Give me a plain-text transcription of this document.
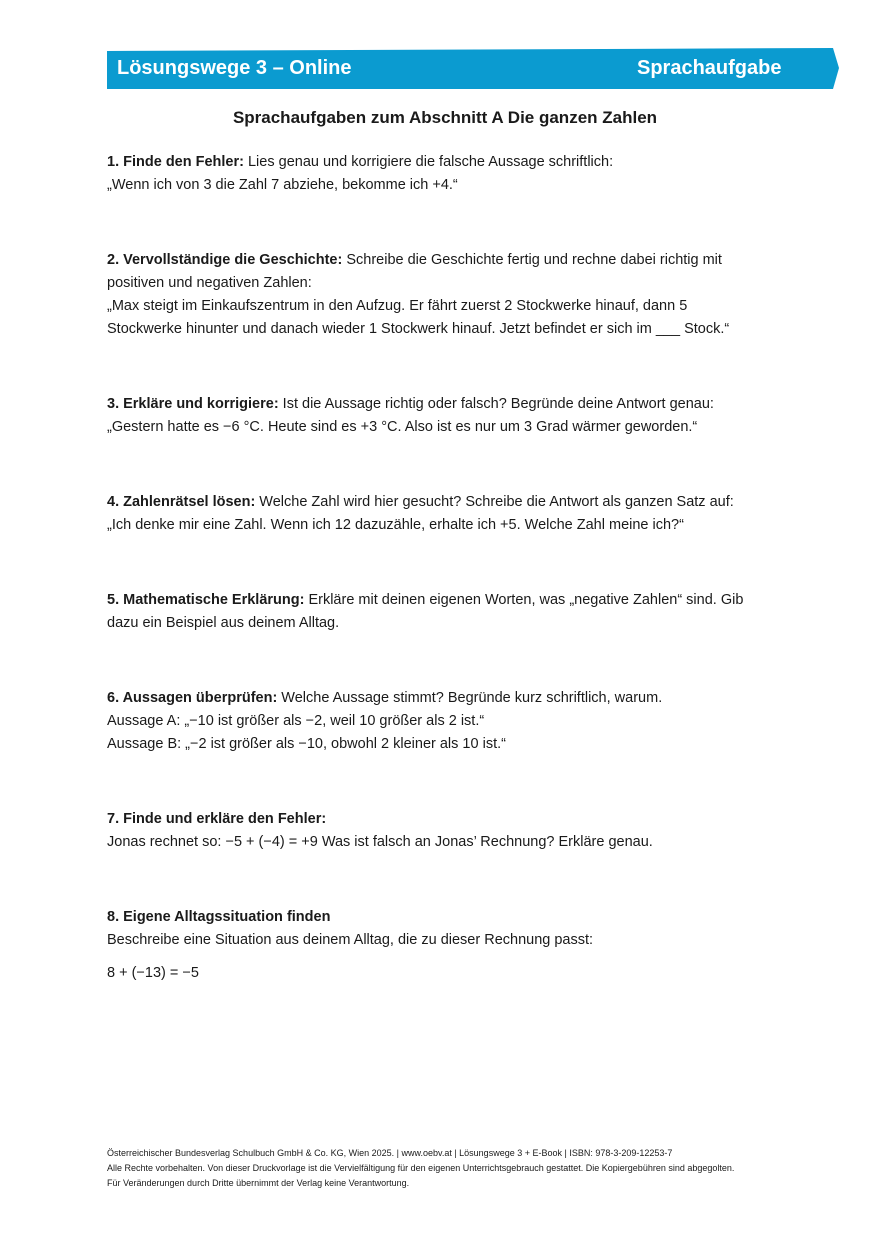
Lösungswege 3 – Online	Sprachaufgabe
Sprachaufgaben zum Abschnitt A Die ganzen Zahlen
1. Finde den Fehler: Lies genau und korrigiere die falsche Aussage schriftlich:
„Wenn ich von 3 die Zahl 7 abziehe, bekomme ich +4.“
2. Vervollständige die Geschichte: Schreibe die Geschichte fertig und rechne dabei richtig mit
positiven und negativen Zahlen:
„Max steigt im Einkaufszentrum in den Aufzug. Er fährt zuerst 2 Stockwerke hinauf, dann 5
Stockwerke hinunter und danach wieder 1 Stockwerk hinauf. Jetzt befindet er sich im ___ Stock.“
3. Erkläre und korrigiere: Ist die Aussage richtig oder falsch? Begründe deine Antwort genau:
„Gestern hatte es −6 °C. Heute sind es +3 °C. Also ist es nur um 3 Grad wärmer geworden.“
4. Zahlenrätsel lösen: Welche Zahl wird hier gesucht? Schreibe die Antwort als ganzen Satz auf:
„Ich denke mir eine Zahl. Wenn ich 12 dazuzähle, erhalte ich +5. Welche Zahl meine ich?“
5. Mathematische Erklärung: Erkläre mit deinen eigenen Worten, was „negative Zahlen“ sind. Gib
dazu ein Beispiel aus deinem Alltag.
6. Aussagen überprüfen: Welche Aussage stimmt? Begründe kurz schriftlich, warum.
Aussage A: „−10 ist größer als −2, weil 10 größer als 2 ist.“
Aussage B: „−2 ist größer als −10, obwohl 2 kleiner als 10 ist.“
7. Finde und erkläre den Fehler:
Jonas rechnet so: −5 + (−4) = +9 Was ist falsch an Jonas’ Rechnung? Erkläre genau.
8. Eigene Alltagssituation finden
Beschreibe eine Situation aus deinem Alltag, die zu dieser Rechnung passt:
8 + (−13) = −5
Österreichischer Bundesverlag Schulbuch GmbH & Co. KG, Wien 2025. | www.oebv.at | Lösungswege 3 + E-Book | ISBN: 978-3-209-12253-7
Alle Rechte vorbehalten. Von dieser Druckvorlage ist die Vervielfältigung für den eigenen Unterrichtsgebrauch gestattet. Die Kopiergebühren sind abgegolten.
Für Veränderungen durch Dritte übernimmt der Verlag keine Verantwortung.
